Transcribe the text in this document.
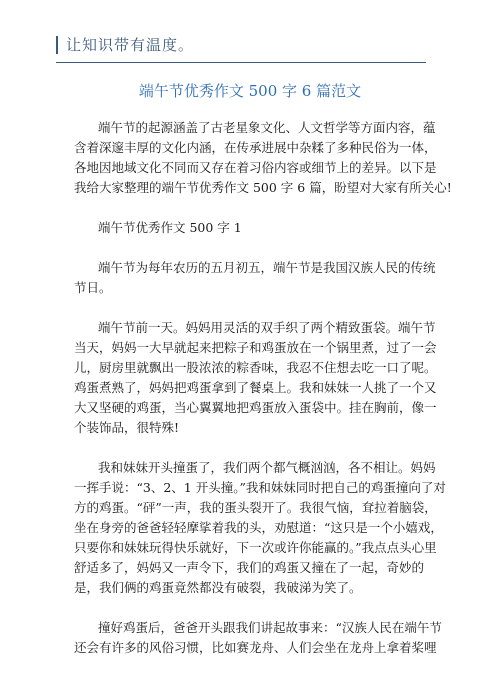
让知识带有温度。
端午节优秀作文 500 字 6 篇范文
端午节的起源涵盖了古老星象文化、人文哲学等方面内容，蕴
含着深邃丰厚的文化内涵，在传承进展中杂糅了多种民俗为一体，
各地因地域文化不同而又存在着习俗内容或细节上的差异。以下是
我给大家整理的端午节优秀作文 500 字 6 篇，盼望对大家有所关心!
端午节优秀作文 500 字 1
端午节为每年农历的五月初五，端午节是我国汉族人民的传统
节日。
端午节前一天。妈妈用灵活的双手织了两个精致蛋袋。端午节
当天，妈妈一大早就起来把粽子和鸡蛋放在一个锅里煮，过了一会
儿，厨房里就飘出一股浓浓的粽香味，我忍不住想去吃一口了呢。
鸡蛋煮熟了，妈妈把鸡蛋拿到了餐桌上。我和妹妹一人挑了一个又
大又坚硬的鸡蛋，当心翼翼地把鸡蛋放入蛋袋中。挂在胸前，像一
个装饰品，很特殊!
我和妹妹开头撞蛋了，我们两个都气概汹汹，各不相让。妈妈
一挥手说：“3、2、1 开头撞。”我和妹妹同时把自己的鸡蛋撞向了对
方的鸡蛋。“砰”一声，我的蛋头裂开了。我很气恼，耷拉着脑袋，
坐在身旁的爸爸轻轻摩挲着我的头，劝慰道：“这只是一个小嬉戏，
只要你和妹妹玩得快乐就好，下一次或许你能赢的。”我点点头心里
舒适多了，妈妈又一声令下，我们的鸡蛋又撞在了一起，奇妙的
是，我们俩的鸡蛋竟然都没有破裂，我破涕为笑了。
撞好鸡蛋后，爸爸开头跟我们讲起故事来：“汉族人民在端午节
还会有许多的风俗习惯，比如赛龙舟、人们会坐在龙舟上拿着桨哩
